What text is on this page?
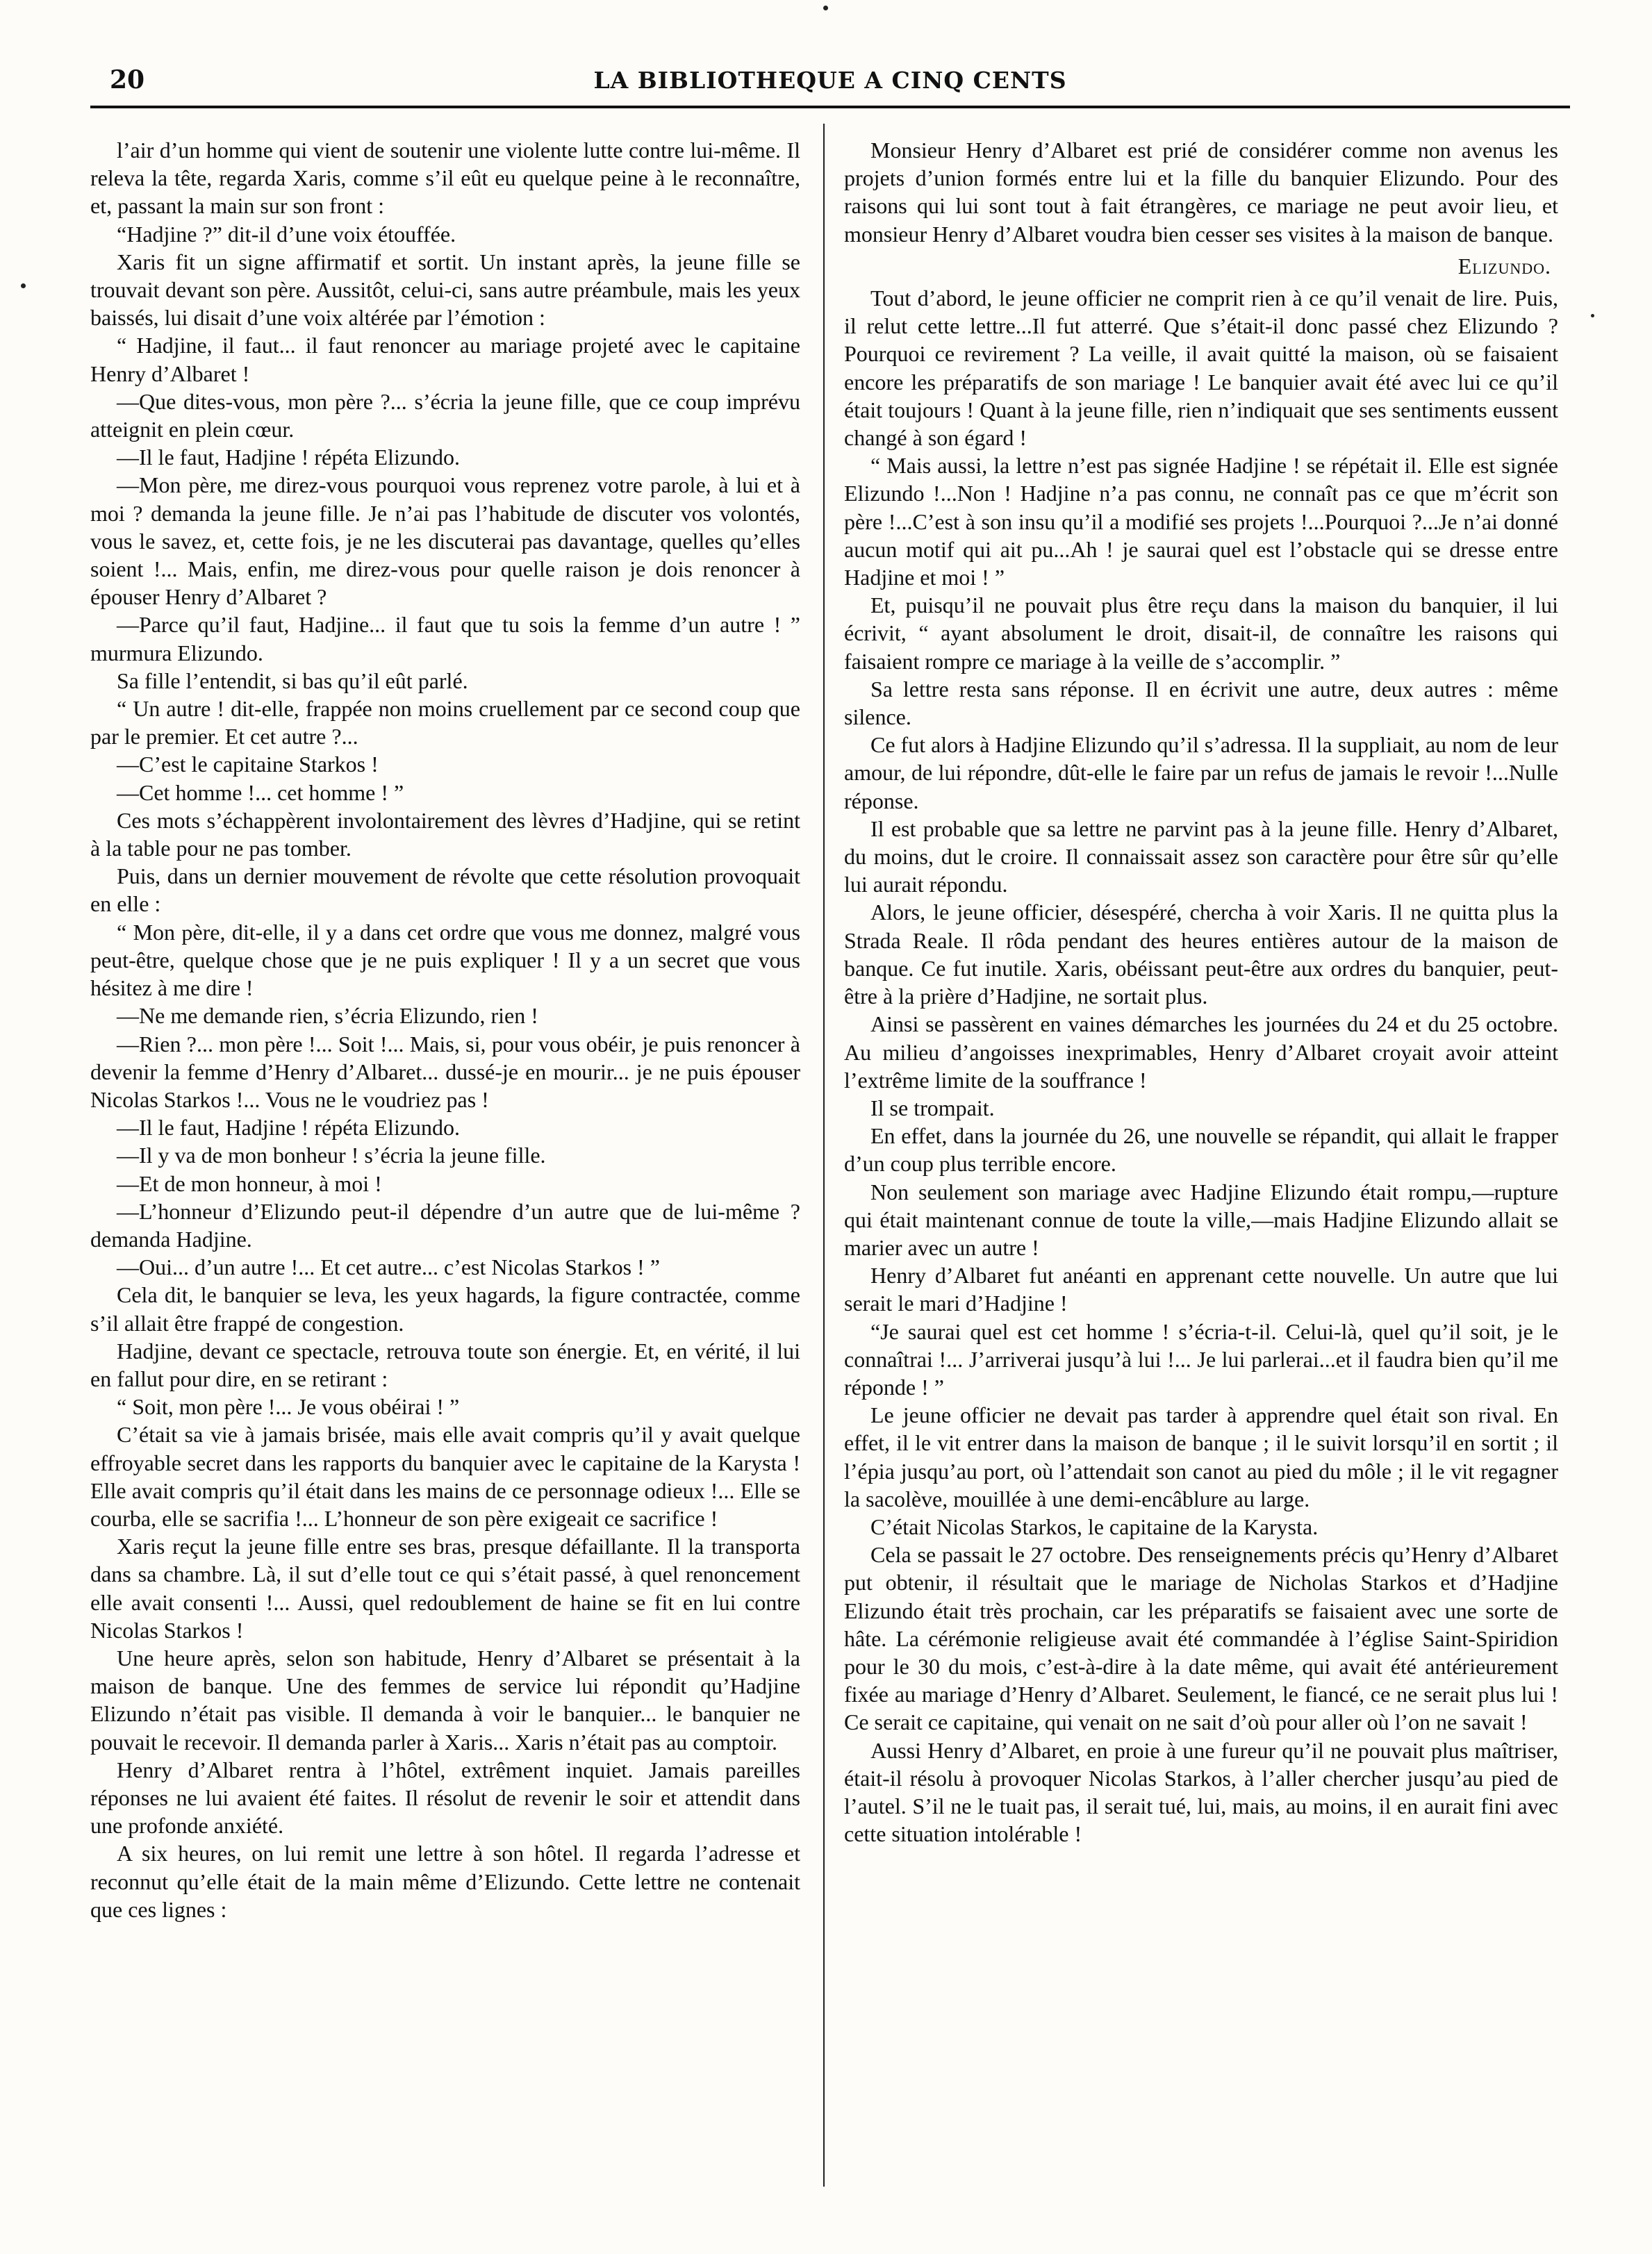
20	LA BIBLIOTHEQUE A CINQ CENTS

l’air d’un homme qui vient de soutenir une violente lutte contre lui-même. Il releva la tête, regarda Xaris, comme s’il eût eu quelque peine à le reconnaître, et, passant la main sur son front :

“Hadjine ?” dit-il d’une voix étouffée.

Xaris fit un signe affirmatif et sortit. Un instant après, la jeune fille se trouvait devant son père. Aussitôt, celui-ci, sans autre préambule, mais les yeux baissés, lui disait d’une voix altérée par l’émotion :

“ Hadjine, il faut... il faut renoncer au mariage projeté avec le capitaine Henry d’Albaret !

—Que dites-vous, mon père ?... s’écria la jeune fille, que ce coup imprévu atteignit en plein cœur.

—Il le faut, Hadjine ! répéta Elizundo.

—Mon père, me direz-vous pourquoi vous reprenez votre parole, à lui et à moi ? demanda la jeune fille. Je n’ai pas l’habitude de discuter vos volontés, vous le savez, et, cette fois, je ne les discuterai pas davantage, quelles qu’elles soient !... Mais, enfin, me direz-vous pour quelle raison je dois renoncer à épouser Henry d’Albaret ?

—Parce qu’il faut, Hadjine... il faut que tu sois la femme d’un autre ! ” murmura Elizundo.

Sa fille l’entendit, si bas qu’il eût parlé.

“ Un autre ! dit-elle, frappée non moins cruellement par ce second coup que par le premier. Et cet autre ?...

—C’est le capitaine Starkos !

—Cet homme !... cet homme ! ”

Ces mots s’échappèrent involontairement des lèvres d’Hadjine, qui se retint à la table pour ne pas tomber.

Puis, dans un dernier mouvement de révolte que cette résolution provoquait en elle :

“ Mon père, dit-elle, il y a dans cet ordre que vous me donnez, malgré vous peut-être, quelque chose que je ne puis expliquer ! Il y a un secret que vous hésitez à me dire !

—Ne me demande rien, s’écria Elizundo, rien !

—Rien ?... mon père !... Soit !... Mais, si, pour vous obéir, je puis renoncer à devenir la femme d’Henry d’Albaret... dussé-je en mourir... je ne puis épouser Nicolas Starkos !... Vous ne le voudriez pas !

—Il le faut, Hadjine ! répéta Elizundo.

—Il y va de mon bonheur ! s’écria la jeune fille.

—Et de mon honneur, à moi !

—L’honneur d’Elizundo peut-il dépendre d’un autre que de lui-même ? demanda Hadjine.

—Oui... d’un autre !... Et cet autre... c’est Nicolas Starkos ! ”

Cela dit, le banquier se leva, les yeux hagards, la figure contractée, comme s’il allait être frappé de congestion.

Hadjine, devant ce spectacle, retrouva toute son énergie. Et, en vérité, il lui en fallut pour dire, en se retirant :

“ Soit, mon père !... Je vous obéirai ! ”

C’était sa vie à jamais brisée, mais elle avait compris qu’il y avait quelque effroyable secret dans les rapports du banquier avec le capitaine de la Karysta ! Elle avait compris qu’il était dans les mains de ce personnage odieux !... Elle se courba, elle se sacrifia !... L’honneur de son père exigeait ce sacrifice !

Xaris reçut la jeune fille entre ses bras, presque défaillante. Il la transporta dans sa chambre. Là, il sut d’elle tout ce qui s’était passé, à quel renoncement elle avait consenti !... Aussi, quel redoublement de haine se fit en lui contre Nicolas Starkos !

Une heure après, selon son habitude, Henry d’Albaret se présentait à la maison de banque. Une des femmes de service lui répondit qu’Hadjine Elizundo n’était pas visible. Il demanda à voir le banquier... le banquier ne pouvait le recevoir. Il demanda parler à Xaris... Xaris n’était pas au comptoir.

Henry d’Albaret rentra à l’hôtel, extrêment inquiet. Jamais pareilles réponses ne lui avaient été faites. Il résolut de revenir le soir et attendit dans une profonde anxiété.

A six heures, on lui remit une lettre à son hôtel. Il regarda l’adresse et reconnut qu’elle était de la main même d’Elizundo. Cette lettre ne contenait que ces lignes :

Monsieur Henry d’Albaret est prié de considérer comme non avenus les projets d’union formés entre lui et la fille du banquier Elizundo. Pour des raisons qui lui sont tout à fait étrangères, ce mariage ne peut avoir lieu, et monsieur Henry d’Albaret voudra bien cesser ses visites à la maison de banque.

Elizundo.

Tout d’abord, le jeune officier ne comprit rien à ce qu’il venait de lire. Puis, il relut cette lettre...Il fut atterré. Que s’était-il donc passé chez Elizundo ? Pourquoi ce revirement ? La veille, il avait quitté la maison, où se faisaient encore les préparatifs de son mariage ! Le banquier avait été avec lui ce qu’il était toujours ! Quant à la jeune fille, rien n’indiquait que ses sentiments eussent changé à son égard !

“ Mais aussi, la lettre n’est pas signée Hadjine ! se répétait il. Elle est signée Elizundo !...Non ! Hadjine n’a pas connu, ne connaît pas ce que m’écrit son père !...C’est à son insu qu’il a modifié ses projets !...Pourquoi ?...Je n’ai donné aucun motif qui ait pu...Ah ! je saurai quel est l’obstacle qui se dresse entre Hadjine et moi ! ”

Et, puisqu’il ne pouvait plus être reçu dans la maison du banquier, il lui écrivit, “ ayant absolument le droit, disait-il, de connaître les raisons qui faisaient rompre ce mariage à la veille de s’accomplir. ”

Sa lettre resta sans réponse. Il en écrivit une autre, deux autres : même silence.

Ce fut alors à Hadjine Elizundo qu’il s’adressa. Il la suppliait, au nom de leur amour, de lui répondre, dût-elle le faire par un refus de jamais le revoir !...Nulle réponse.

Il est probable que sa lettre ne parvint pas à la jeune fille. Henry d’Albaret, du moins, dut le croire. Il connaissait assez son caractère pour être sûr qu’elle lui aurait répondu.

Alors, le jeune officier, désespéré, chercha à voir Xaris. Il ne quitta plus la Strada Reale. Il rôda pendant des heures entières autour de la maison de banque. Ce fut inutile. Xaris, obéissant peut-être aux ordres du banquier, peut-être à la prière d’Hadjine, ne sortait plus.

Ainsi se passèrent en vaines démarches les journées du 24 et du 25 octobre. Au milieu d’angoisses inexprimables, Henry d’Albaret croyait avoir atteint l’extrême limite de la souffrance !

Il se trompait.

En effet, dans la journée du 26, une nouvelle se répandit, qui allait le frapper d’un coup plus terrible encore.

Non seulement son mariage avec Hadjine Elizundo était rompu,—rupture qui était maintenant connue de toute la ville,—mais Hadjine Elizundo allait se marier avec un autre !

Henry d’Albaret fut anéanti en apprenant cette nouvelle. Un autre que lui serait le mari d’Hadjine !

“Je saurai quel est cet homme ! s’écria-t-il. Celui-là, quel qu’il soit, je le connaîtrai !... J’arriverai jusqu’à lui !... Je lui parlerai...et il faudra bien qu’il me réponde ! ”

Le jeune officier ne devait pas tarder à apprendre quel était son rival. En effet, il le vit entrer dans la maison de banque ; il le suivit lorsqu’il en sortit ; il l’épia jusqu’au port, où l’attendait son canot au pied du môle ; il le vit regagner la sacolève, mouillée à une demi-encâblure au large.

C’était Nicolas Starkos, le capitaine de la Karysta.

Cela se passait le 27 octobre. Des renseignements précis qu’Henry d’Albaret put obtenir, il résultait que le mariage de Nicholas Starkos et d’Hadjine Elizundo était très prochain, car les préparatifs se faisaient avec une sorte de hâte. La cérémonie religieuse avait été commandée à l’église Saint-Spiridion pour le 30 du mois, c’est-à-dire à la date même, qui avait été antérieurement fixée au mariage d’Henry d’Albaret. Seulement, le fiancé, ce ne serait plus lui ! Ce serait ce capitaine, qui venait on ne sait d’où pour aller où l’on ne savait !

Aussi Henry d’Albaret, en proie à une fureur qu’il ne pouvait plus maîtriser, était-il résolu à provoquer Nicolas Starkos, à l’aller chercher jusqu’au pied de l’autel. S’il ne le tuait pas, il serait tué, lui, mais, au moins, il en aurait fini avec cette situation intolérable !
